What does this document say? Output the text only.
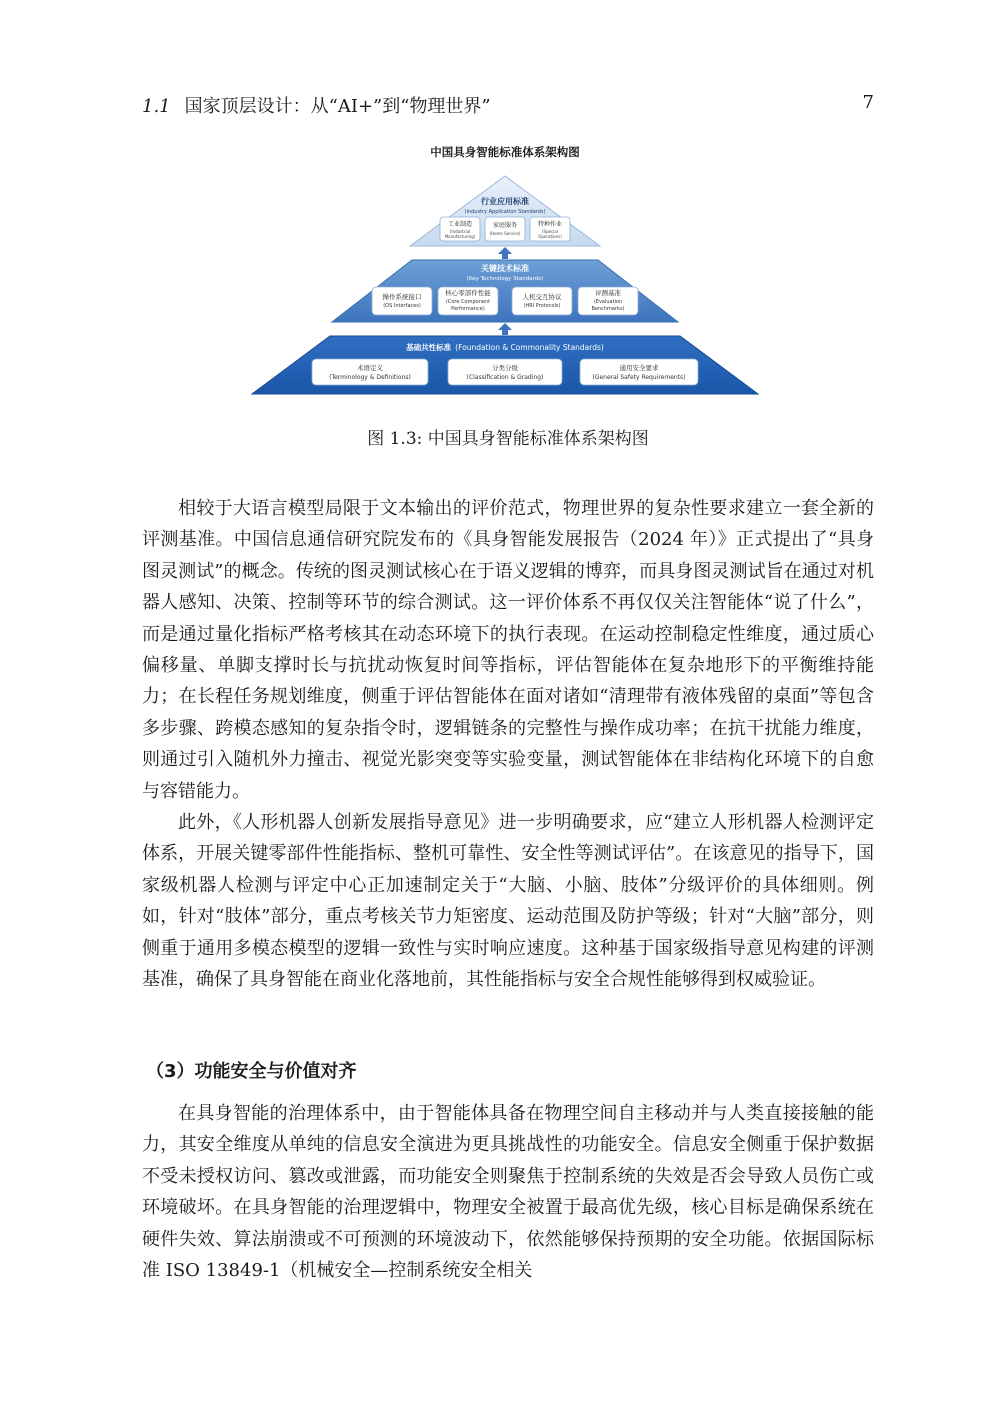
1.1 国家顶层设计：从“AI+”到“物理世界”	7
中国具身智能标准体系架构图
行业应用标准
(Industry Application Standards)
工业制造
(Industrial
Manufacturing)
家庭服务
(Home Service)
特种作业
(Special
Operations)
关键技术标准
(Key Technology Standards)
操作系统接口
(OS Interfaces)
核心零部件性能
(Core Component
Performance)
人机交互协议
(HRI Protocols)
评测基准
(Evaluation
Benchmarks)
基础共性标准 (Foundation & Commonality Standards)
术语定义
(Terminology & Definitions)
分类分级
(Classification & Grading)
通用安全要求
(General Safety Requirements)
图 1.3: 中国具身智能标准体系架构图

相较于大语言模型局限于文本输出的评价范式，物理世界的复杂性要求建立一套全新的评测基准。中国信息通信研究院发布的《具身智能发展报告（2024 年）》正式提出了“具身图灵测试”的概念。传统的图灵测试核心在于语义逻辑的博弈，而具身图灵测试旨在通过对机器人感知、决策、控制等环节的综合测试。这一评价体系不再仅仅关注智能体“说了什么”，而是通过量化指标严格考核其在动态环境下的执行表现。在运动控制稳定性维度，通过质心偏移量、单脚支撑时长与抗扰动恢复时间等指标，评估智能体在复杂地形下的平衡维持能力；在长程任务规划维度，侧重于评估智能体在面对诸如“清理带有液体残留的桌面”等包含多步骤、跨模态感知的复杂指令时，逻辑链条的完整性与操作成功率；在抗干扰能力维度，则通过引入随机外力撞击、视觉光影突变等实验变量，测试智能体在非结构化环境下的自愈与容错能力。

此外，《人形机器人创新发展指导意见》进一步明确要求，应“建立人形机器人检测评定体系，开展关键零部件性能指标、整机可靠性、安全性等测试评估”。在该意见的指导下，国家级机器人检测与评定中心正加速制定关于“大脑、小脑、肢体”分级评价的具体细则。例如，针对“肢体”部分，重点考核关节力矩密度、运动范围及防护等级；针对“大脑”部分，则侧重于通用多模态模型的逻辑一致性与实时响应速度。这种基于国家级指导意见构建的评测基准，确保了具身智能在商业化落地前，其性能指标与安全合规性能够得到权威验证。

（3）功能安全与价值对齐

在具身智能的治理体系中，由于智能体具备在物理空间自主移动并与人类直接接触的能力，其安全维度从单纯的信息安全演进为更具挑战性的功能安全。信息安全侧重于保护数据不受未授权访问、篡改或泄露，而功能安全则聚焦于控制系统的失效是否会导致人员伤亡或环境破坏。在具身智能的治理逻辑中，物理安全被置于最高优先级，核心目标是确保系统在硬件失效、算法崩溃或不可预测的环境波动下，依然能够保持预期的安全功能。依据国际标准 ISO 13849-1（机械安全—控制系统安全相关
